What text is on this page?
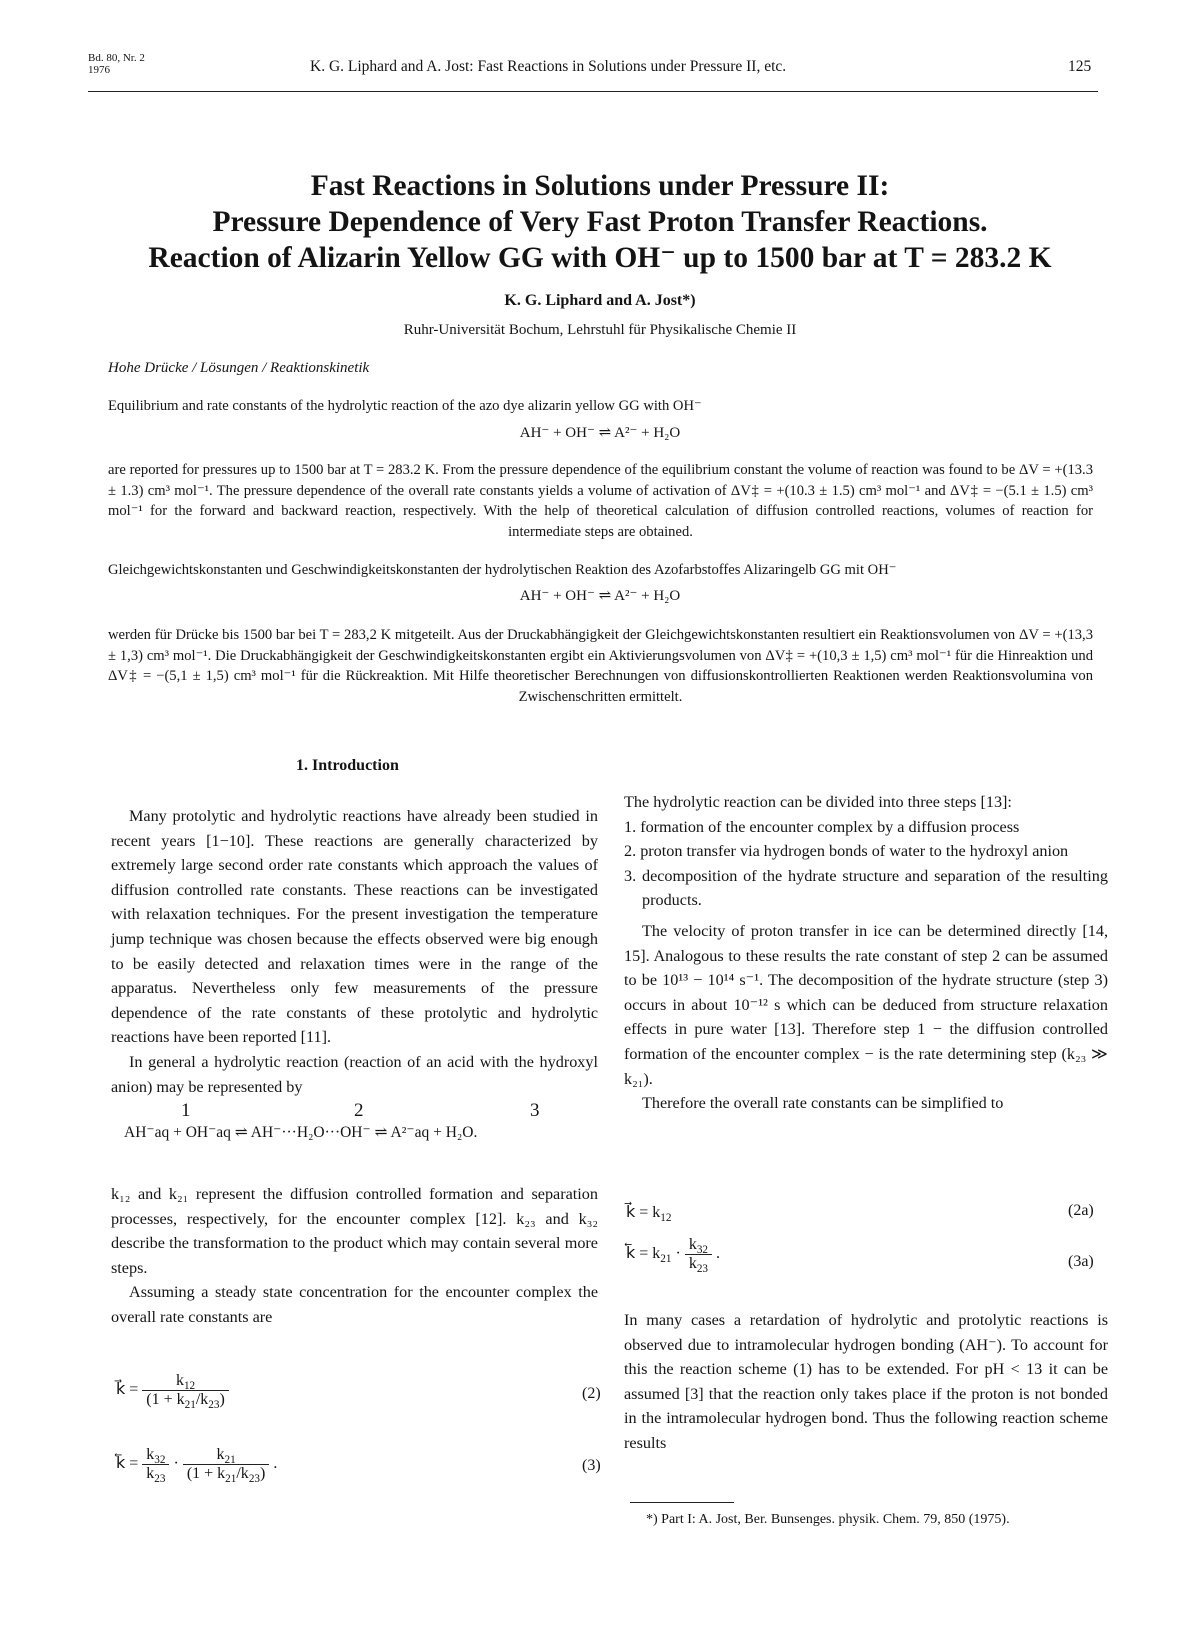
Bd. 80, Nr. 2
1976	K. G. Liphard and A. Jost: Fast Reactions in Solutions under Pressure II, etc.	125
Fast Reactions in Solutions under Pressure II:
Pressure Dependence of Very Fast Proton Transfer Reactions.
Reaction of Alizarin Yellow GG with OH⁻ up to 1500 bar at T = 283.2 K
K. G. Liphard and A. Jost*)
Ruhr-Universität Bochum, Lehrstuhl für Physikalische Chemie II
Hohe Drücke / Lösungen / Reaktionskinetik
Equilibrium and rate constants of the hydrolytic reaction of the azo dye alizarin yellow GG with OH⁻
AH⁻ + OH⁻ ⇌ A²⁻ + H₂O
are reported for pressures up to 1500 bar at T = 283.2 K. From the pressure dependence of the equilibrium constant the volume of reaction was found to be ΔV = +(13.3 ± 1.3) cm³ mol⁻¹. The pressure dependence of the overall rate constants yields a volume of activation of ΔV‡ = +(10.3 ± 1.5) cm³ mol⁻¹ and ΔV‡ = −(5.1 ± 1.5) cm³ mol⁻¹ for the forward and backward reaction, respectively. With the help of theoretical calculation of diffusion controlled reactions, volumes of reaction for intermediate steps are obtained.
Gleichgewichtskonstanten und Geschwindigkeitskonstanten der hydrolytischen Reaktion des Azofarbstoffes Alizaringelb GG mit OH⁻
AH⁻ + OH⁻ ⇌ A²⁻ + H₂O
werden für Drücke bis 1500 bar bei T = 283,2 K mitgeteilt. Aus der Druckabhängigkeit der Gleichgewichtskonstanten resultiert ein Reaktionsvolumen von ΔV = +(13,3 ± 1,3) cm³ mol⁻¹. Die Druckabhängigkeit der Geschwindigkeitskonstanten ergibt ein Aktivierungsvolumen von ΔV‡ = +(10,3 ± 1,5) cm³ mol⁻¹ für die Hinreaktion und ΔV‡ = −(5,1 ± 1,5) cm³ mol⁻¹ für die Rückreaktion. Mit Hilfe theoretischer Berechnungen von diffusionskontrollierten Reaktionen werden Reaktionsvolumina von Zwischenschritten ermittelt.
1. Introduction

Many protolytic and hydrolytic reactions have already been studied in recent years [1−10]. These reactions are generally characterized by extremely large second order rate constants which approach the values of diffusion controlled rate constants. These reactions can be investigated with relaxation techniques. For the present investigation the temperature jump technique was chosen because the effects observed were big enough to be easily detected and relaxation times were in the range of the apparatus. Nevertheless only few measurements of the pressure dependence of the rate constants of these protolytic and hydrolytic reactions have been reported [11].

In general a hydrolytic reaction (reaction of an acid with the hydroxyl anion) may be represented by

1	2	3
AH⁻aq + OH⁻aq ⇌ AH⁻···H₂O···OH⁻ ⇌ A²⁻aq + H₂O.

k₁₂ and k₂₁ represent the diffusion controlled formation and separation processes, respectively, for the encounter complex [12]. k₂₃ and k₃₂ describe the transformation to the product which may contain several more steps.

Assuming a steady state concentration for the encounter complex the overall rate constants are

k⃗ = $\frac{k_{12}}{(1 + k_{21}/k_{23})}$	(2)
k⃖ = $\frac{k_{32}}{k_{23}} \cdot \frac{k_{21}}{(1 + k_{21}/k_{23})}$ .	(3)

The hydrolytic reaction can be divided into three steps [13]:

1. formation of the encounter complex by a diffusion process
2. proton transfer via hydrogen bonds of water to the hydroxyl anion
3. decomposition of the hydrate structure and separation of the resulting products.

The velocity of proton transfer in ice can be determined directly [14, 15]. Analogous to these results the rate constant of step 2 can be assumed to be 10¹³ − 10¹⁴ s⁻¹. The decomposition of the hydrate structure (step 3) occurs in about 10⁻¹² s which can be deduced from structure relaxation effects in pure water [13]. Therefore step 1 − the diffusion controlled formation of the encounter complex − is the rate determining step (k₂₃ ≫ k₂₁).

Therefore the overall rate constants can be simplified to

k⃗ = $k_{12}$	(2a)
k⃖ = $k_{21} \cdot \frac{k_{32}}{k_{23}}$ .	(3a)

In many cases a retardation of hydrolytic and protolytic reactions is observed due to intramolecular hydrogen bonding (AH⁻). To account for this the reaction scheme (1) has to be extended. For pH < 13 it can be assumed [3] that the reaction only takes place if the proton is not bonded in the intramolecular hydrogen bond. Thus the following reaction scheme results

*) Part I: A. Jost, Ber. Bunsenges. physik. Chem. 79, 850 (1975).
